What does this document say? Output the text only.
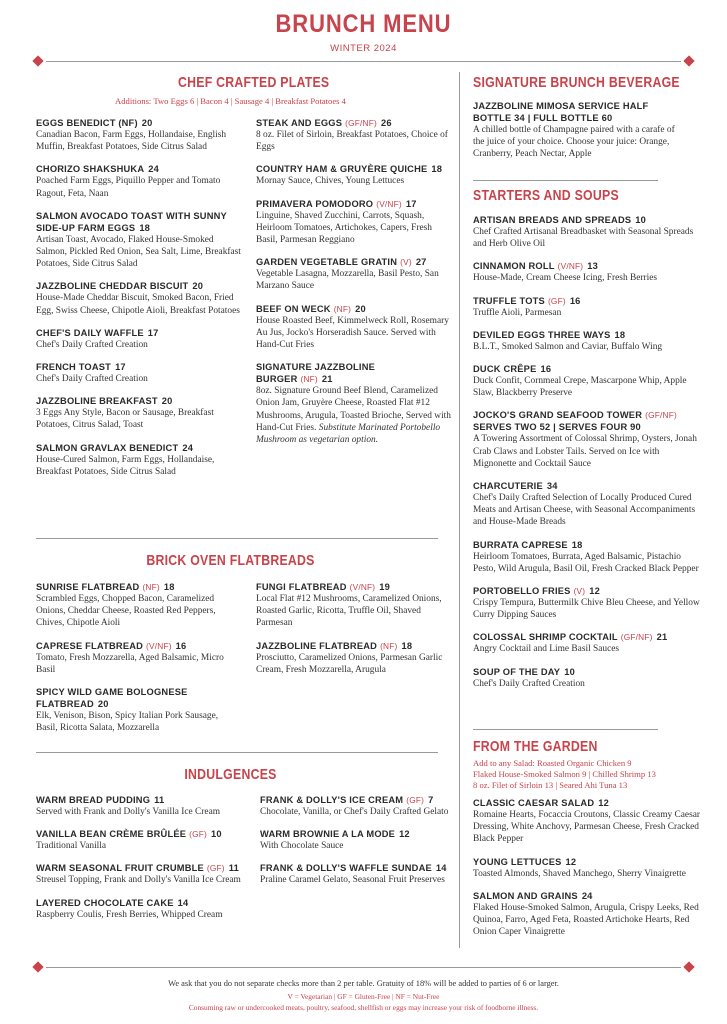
BRUNCH MENU
WINTER 2024
CHEF CRAFTED PLATES
Additions: Two Eggs 6 | Bacon 4 | Sausage 4 | Breakfast Potatoes 4
EGGS BENEDICT (NF) 20
Canadian Bacon, Farm Eggs, Hollandaise, English Muffin, Breakfast Potatoes, Side Citrus Salad
CHORIZO SHAKSHUKA 24
Poached Farm Eggs, Piquillo Pepper and Tomato Ragout, Feta, Naan
SALMON AVOCADO TOAST WITH SUNNY SIDE-UP FARM EGGS 18
Artisan Toast, Avocado, Flaked House-Smoked Salmon, Pickled Red Onion, Sea Salt, Lime, Breakfast Potatoes, Side Citrus Salad
JAZZBOLINE CHEDDAR BISCUIT 20
House-Made Cheddar Biscuit, Smoked Bacon, Fried Egg, Swiss Cheese, Chipotle Aioli, Breakfast Potatoes
CHEF'S DAILY WAFFLE 17
Chef's Daily Crafted Creation
FRENCH TOAST 17
Chef's Daily Crafted Creation
JAZZBOLINE BREAKFAST 20
3 Eggs Any Style, Bacon or Sausage, Breakfast Potatoes, Citrus Salad, Toast
SALMON GRAVLAX BENEDICT 24
House-Cured Salmon, Farm Eggs, Hollandaise, Breakfast Potatoes, Side Citrus Salad
STEAK AND EGGS (GF/NF) 26
8 oz. Filet of Sirloin, Breakfast Potatoes, Choice of Eggs
COUNTRY HAM & GRUYÈRE QUICHE 18
Mornay Sauce, Chives, Young Lettuces
PRIMAVERA POMODORO (V/NF) 17
Linguine, Shaved Zucchini, Carrots, Squash, Heirloom Tomatoes, Artichokes, Capers, Fresh Basil, Parmesan Reggiano
GARDEN VEGETABLE GRATIN (V) 27
Vegetable Lasagna, Mozzarella, Basil Pesto, San Marzano Sauce
BEEF ON WECK (NF) 20
House Roasted Beef, Kimmelweck Roll, Rosemary Au Jus, Jocko's Horseradish Sauce. Served with Hand-Cut Fries
SIGNATURE JAZZBOLINE BURGER (NF) 21
8oz. Signature Ground Beef Blend, Caramelized Onion Jam, Gruyère Cheese, Roasted Flat #12 Mushrooms, Arugula, Toasted Brioche, Served with Hand-Cut Fries. Substitute Marinated Portobello Mushroom as vegetarian option.
BRICK OVEN FLATBREADS
SUNRISE FLATBREAD (NF) 18
Scrambled Eggs, Chopped Bacon, Caramelized Onions, Cheddar Cheese, Roasted Red Peppers, Chives, Chipotle Aioli
CAPRESE FLATBREAD (V/NF) 16
Tomato, Fresh Mozzarella, Aged Balsamic, Micro Basil
SPICY WILD GAME BOLOGNESE FLATBREAD 20
Elk, Venison, Bison, Spicy Italian Pork Sausage, Basil, Ricotta Salata, Mozzarella
FUNGI FLATBREAD (V/NF) 19
Local Flat #12 Mushrooms, Caramelized Onions, Roasted Garlic, Ricotta, Truffle Oil, Shaved Parmesan
JAZZBOLINE FLATBREAD (NF) 18
Prosciutto, Caramelized Onions, Parmesan Garlic Cream, Fresh Mozzarella, Arugula
INDULGENCES
WARM BREAD PUDDING 11
Served with Frank and Dolly's Vanilla Ice Cream
VANILLA BEAN CRÈME BRÛLÉE (GF) 10
Traditional Vanilla
WARM SEASONAL FRUIT CRUMBLE (GF) 11
Streusel Topping, Frank and Dolly's Vanilla Ice Cream
LAYERED CHOCOLATE CAKE 14
Raspberry Coulis, Fresh Berries, Whipped Cream
FRANK & DOLLY'S ICE CREAM (GF) 7
Chocolate, Vanilla, or Chef's Daily Crafted Gelato
WARM BROWNIE A LA MODE 12
With Chocolate Sauce
FRANK & DOLLY'S WAFFLE SUNDAE 14
Praline Caramel Gelato, Seasonal Fruit Preserves
SIGNATURE BRUNCH BEVERAGE
JAZZBOLINE MIMOSA SERVICE HALF BOTTLE 34 | FULL BOTTLE 60
A chilled bottle of Champagne paired with a carafe of the juice of your choice. Choose your juice: Orange, Cranberry, Peach Nectar, Apple
STARTERS AND SOUPS
ARTISAN BREADS AND SPREADS 10
Chef Crafted Artisanal Breadbasket with Seasonal Spreads and Herb Olive Oil
CINNAMON ROLL (V/NF) 13
House-Made, Cream Cheese Icing, Fresh Berries
TRUFFLE TOTS (GF) 16
Truffle Aioli, Parmesan
DEVILED EGGS THREE WAYS 18
B.L.T., Smoked Salmon and Caviar, Buffalo Wing
DUCK CRÊPE 16
Duck Confit, Cornmeal Crepe, Mascarpone Whip, Apple Slaw, Blackberry Preserve
JOCKO'S GRAND SEAFOOD TOWER (GF/NF)
SERVES TWO 52 | SERVES FOUR 90
A Towering Assortment of Colossal Shrimp, Oysters, Jonah Crab Claws and Lobster Tails. Served on Ice with Mignonette and Cocktail Sauce
CHARCUTERIE 34
Chef's Daily Crafted Selection of Locally Produced Cured Meats and Artisan Cheese, with Seasonal Accompaniments and House-Made Breads
BURRATA CAPRESE 18
Heirloom Tomatoes, Burrata, Aged Balsamic, Pistachio Pesto, Wild Arugula, Basil Oil, Fresh Cracked Black Pepper
PORTOBELLO FRIES (V) 12
Crispy Tempura, Buttermilk Chive Bleu Cheese, and Yellow Curry Dipping Sauces
COLOSSAL SHRIMP COCKTAIL (GF/NF) 21
Angry Cocktail and Lime Basil Sauces
SOUP OF THE DAY 10
Chef's Daily Crafted Creation
FROM THE GARDEN
Add to any Salad: Roasted Organic Chicken 9
Flaked House-Smoked Salmon 9 | Chilled Shrimp 13
8 oz. Filet of Sirloin 13 | Seared Ahi Tuna 13
CLASSIC CAESAR SALAD 12
Romaine Hearts, Focaccia Croutons, Classic Creamy Caesar Dressing, White Anchovy, Parmesan Cheese, Fresh Cracked Black Pepper
YOUNG LETTUCES 12
Toasted Almonds, Shaved Manchego, Sherry Vinaigrette
SALMON AND GRAINS 24
Flaked House-Smoked Salmon, Arugula, Crispy Leeks, Red Quinoa, Farro, Aged Feta, Roasted Artichoke Hearts, Red Onion Caper Vinaigrette
We ask that you do not separate checks more than 2 per table. Gratuity of 18% will be added to parties of 6 or larger.
V = Vegetarian | GF = Gluten-Free | NF = Nut-Free
Consuming raw or undercooked meats, poultry, seafood, shellfish or eggs may increase your risk of foodborne illness.
